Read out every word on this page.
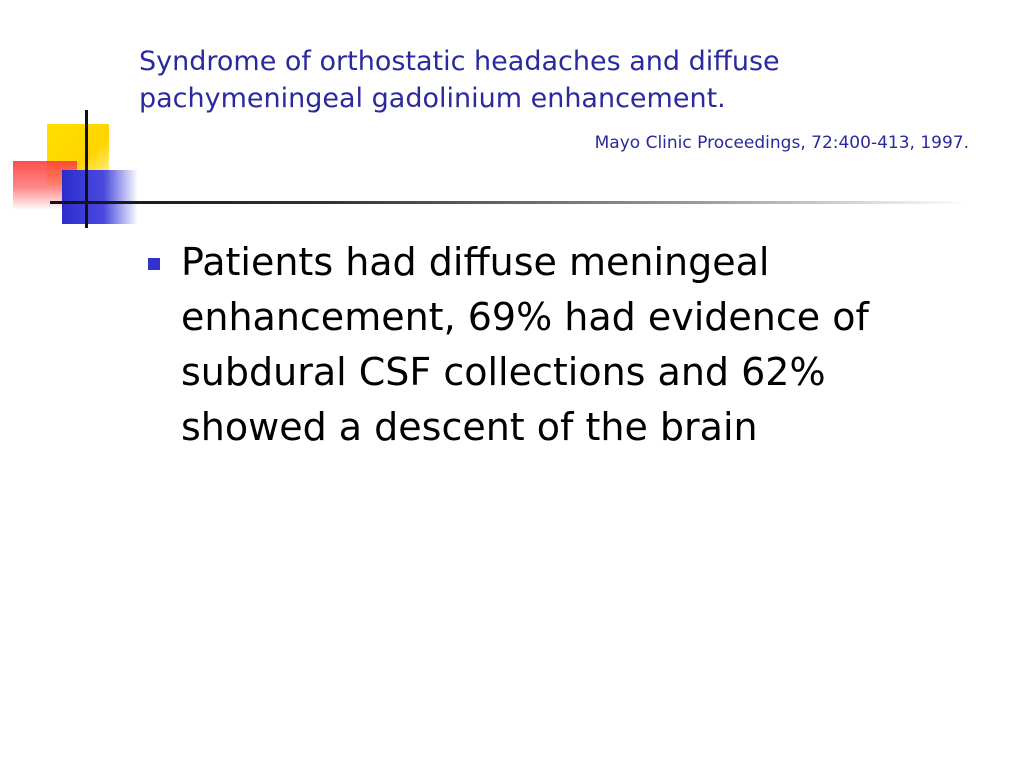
Syndrome of orthostatic headaches and diffuse pachymeningeal gadolinium enhancement.

Mayo Clinic Proceedings, 72:400-413, 1997.

Patients had diffuse meningeal enhancement, 69% had evidence of subdural CSF collections and 62% showed a descent of the brain
